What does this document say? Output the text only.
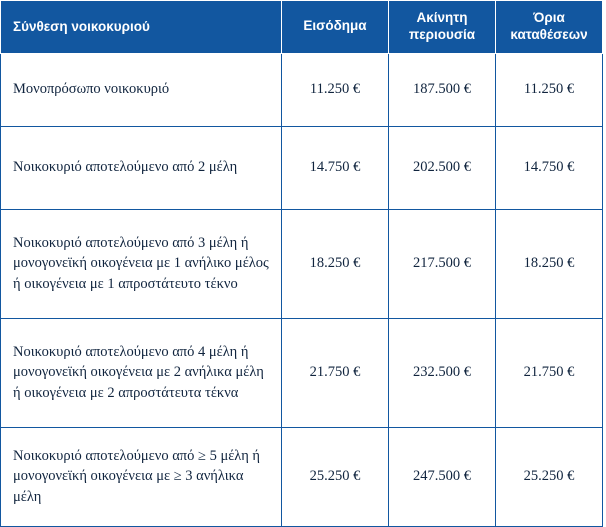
Σύνθεση νοικοκυριού	Εισόδημα	Ακίνητη περιουσία	Όρια καταθέσεων
Μονοπρόσωπο νοικοκυριό	11.250 €	187.500 €	11.250 €
Νοικοκυριό αποτελούμενο από 2 μέλη	14.750 €	202.500 €	14.750 €
Νοικοκυριό αποτελούμενο από 3 μέλη ή μονογονεϊκή οικογένεια με 1 ανήλικο μέλος ή οικογένεια με 1 απροστάτευτο τέκνο	18.250 €	217.500 €	18.250 €
Νοικοκυριό αποτελούμενο από 4 μέλη ή μονογονεϊκή οικογένεια με 2 ανήλικα μέλη ή οικογένεια με 2 απροστάτευτα τέκνα	21.750 €	232.500 €	21.750 €
Νοικοκυριό αποτελούμενο από ≥ 5 μέλη ή μονογονεϊκή οικογένεια με ≥ 3 ανήλικα μέλη	25.250 €	247.500 €	25.250 €
